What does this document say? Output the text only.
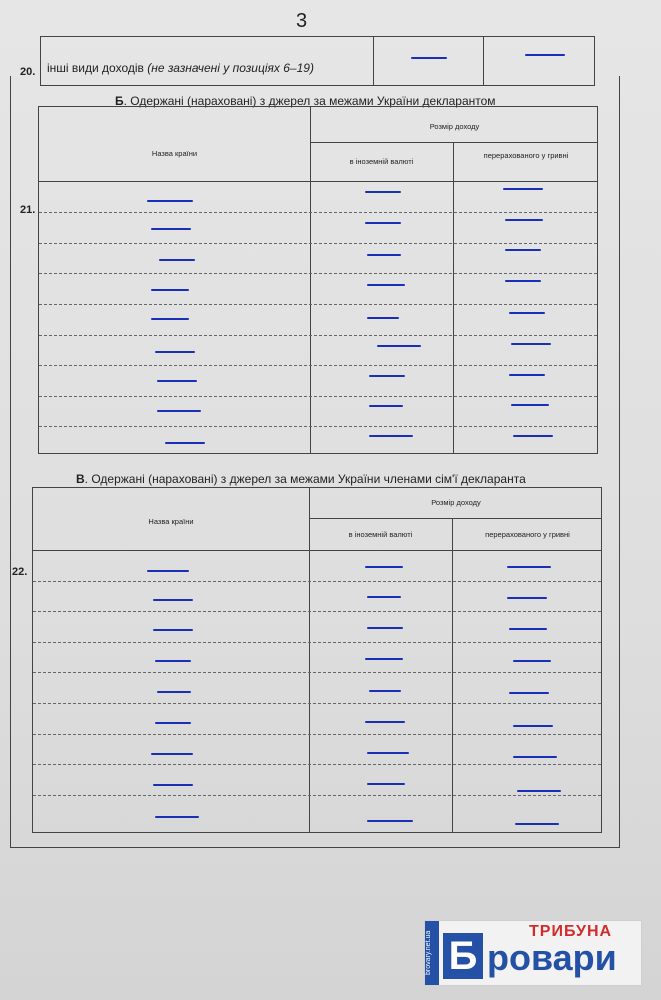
3
інші види доходів (не зазначені у позиціях 6–19)
20.
Б. Одержані (нараховані) з джерел за межами України декларантом
Назва країни
Розмір доходу
в іноземній валюті
перерахованого у гривні
21.
В. Одержані (нараховані) з джерел за межами України членами сім'ї декларанта
Назва країни
Розмір доходу
в іноземній валюті	перерахованого у гривні
22.
brovary.net.ua Б
ТРИБУНА
ровари
